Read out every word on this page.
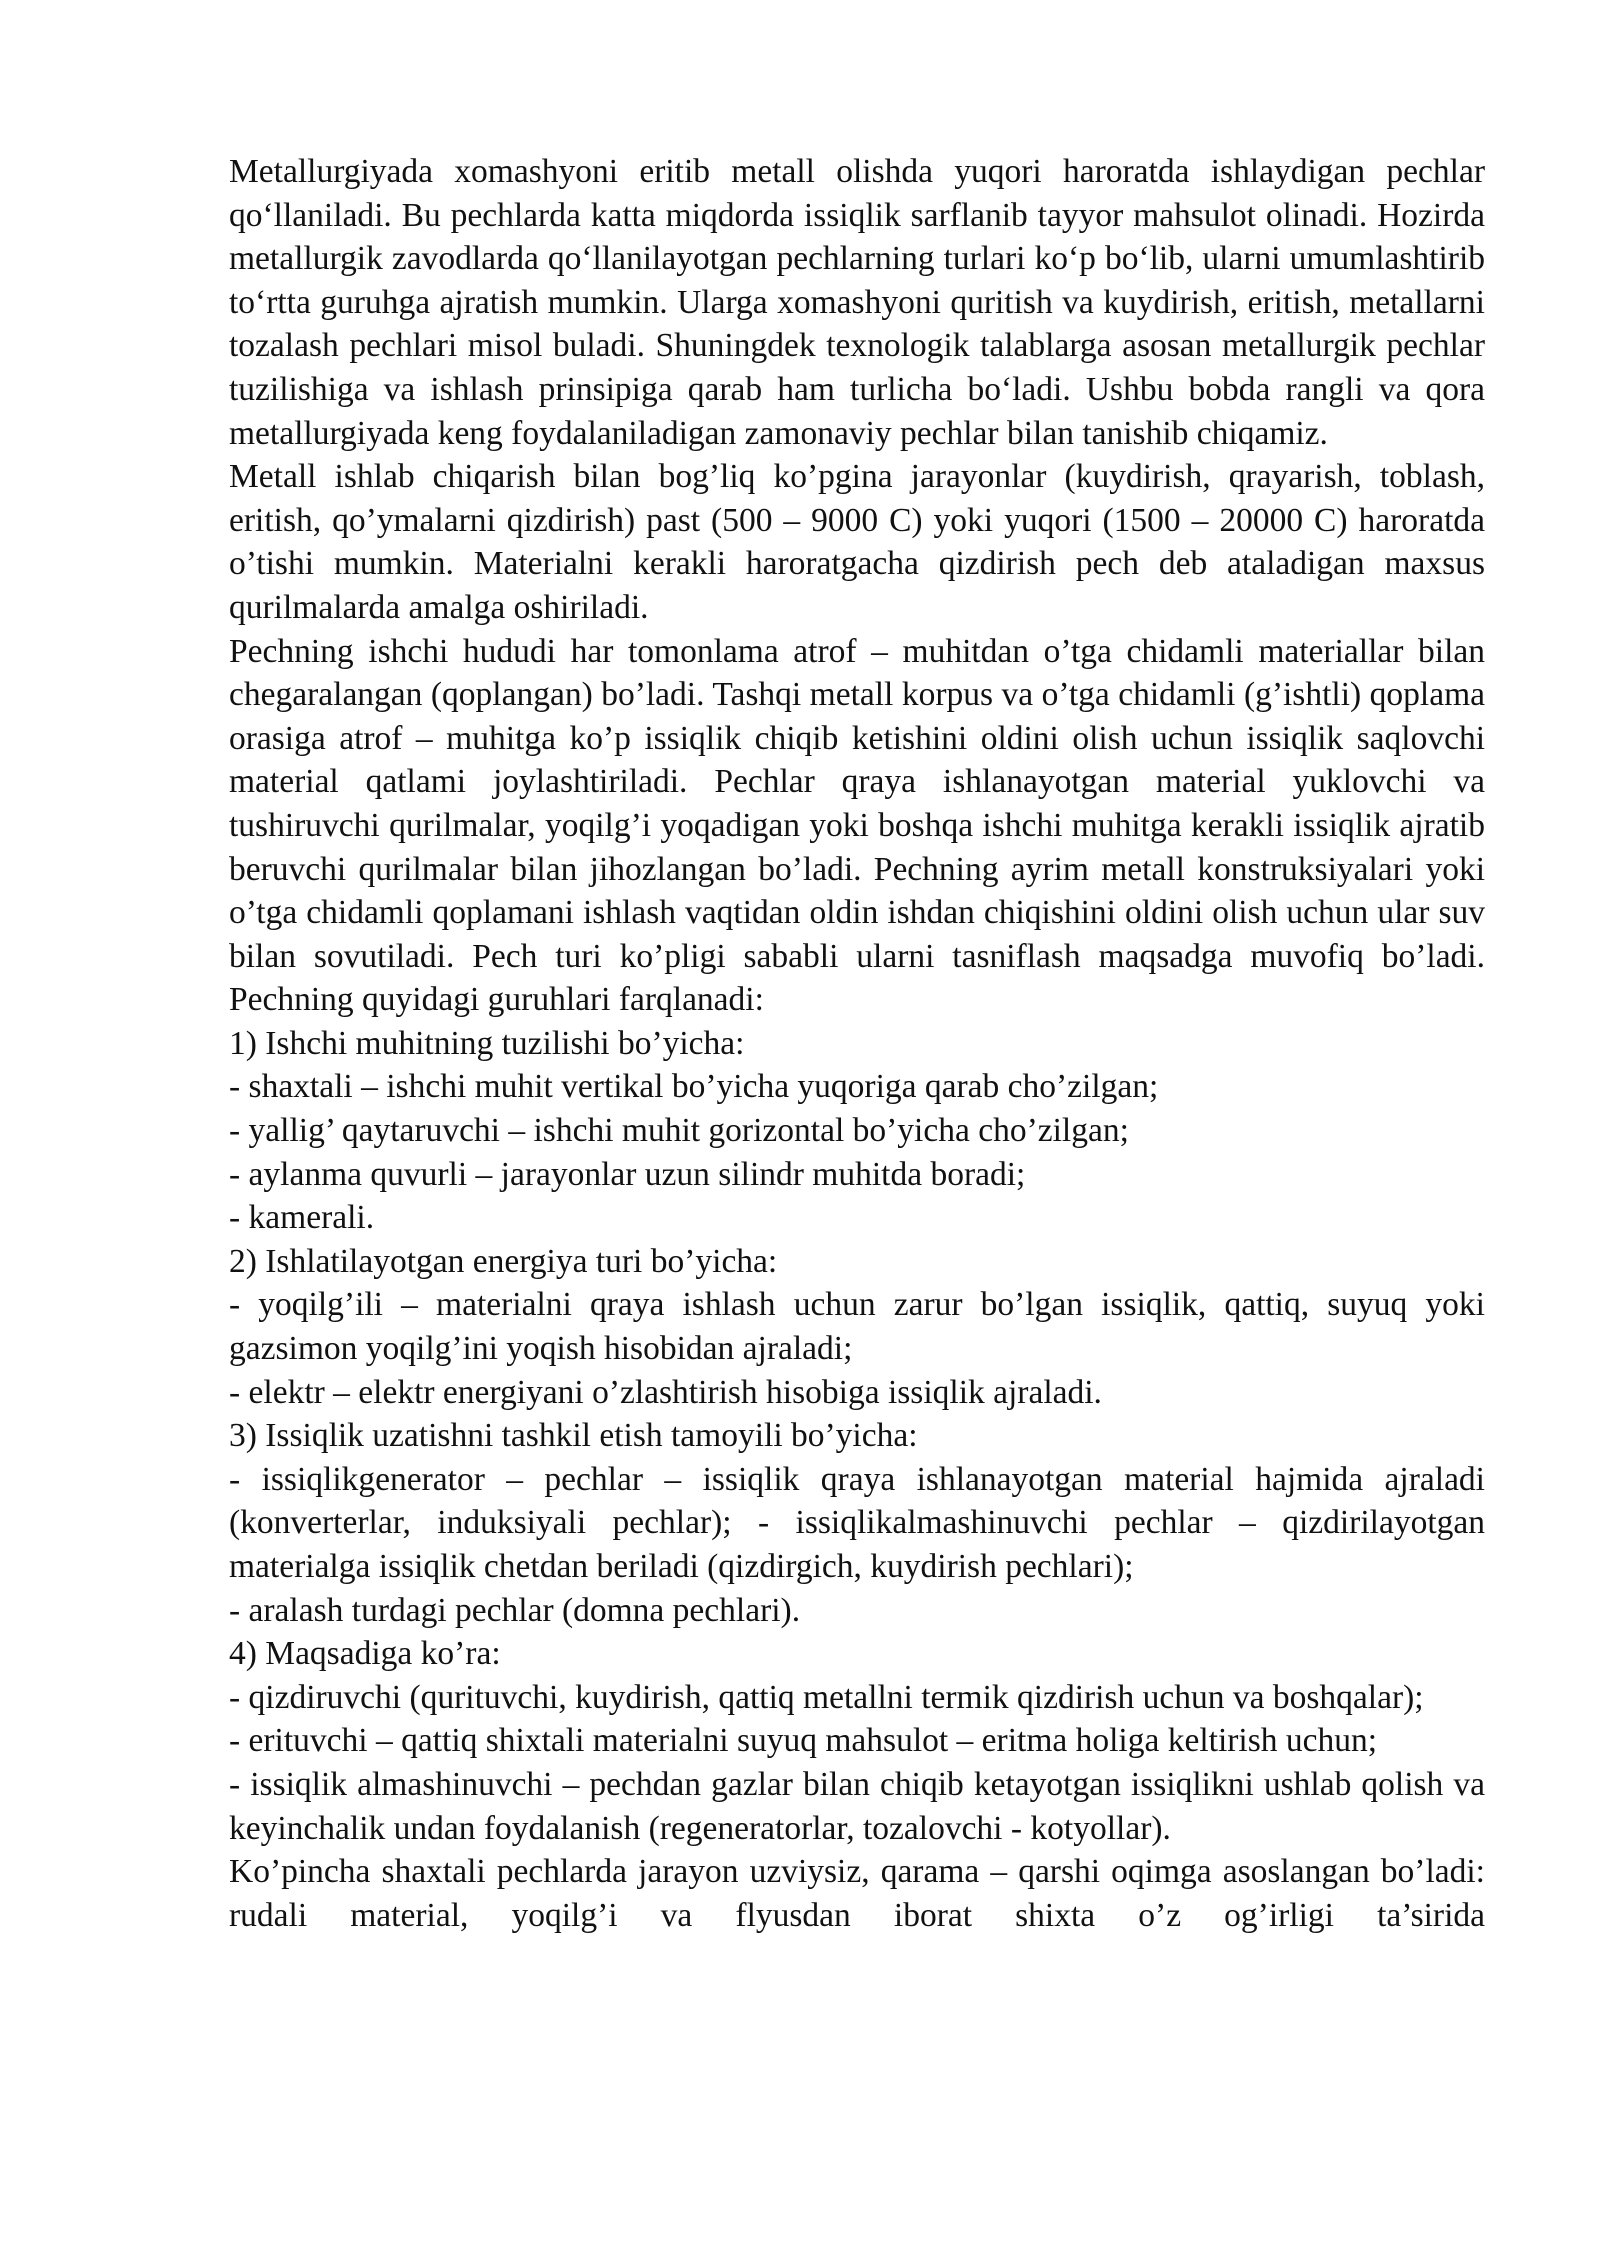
Metallurgiyada xomashyoni eritib metall olishda yuqori haroratda ishlaydigan pechlar qo‘llaniladi. Bu pechlarda katta miqdorda issiqlik sarflanib tayyor mahsulot olinadi. Hozirda metallurgik zavodlarda qo‘llanilayotgan pechlarning turlari ko‘p bo‘lib, ularni umumlashtirib to‘rtta guruhga ajratish mumkin. Ularga xomashyoni quritish va kuydirish, eritish, metallarni tozalash pechlari misol buladi. Shuningdek texnologik talablarga asosan metallurgik pechlar tuzilishiga va ishlash prinsipiga qarab ham turlicha bo‘ladi. Ushbu bobda rangli va qora metallurgiyada keng foydalaniladigan zamonaviy pechlar bilan tanishib chiqamiz.

Metall ishlab chiqarish bilan bog’liq ko’pgina jarayonlar (kuydirish, qrayarish, toblash, eritish, qo’ymalarni qizdirish) past (500 – 9000 C) yoki yuqori (1500 – 20000 C) haroratda o’tishi mumkin. Materialni kerakli haroratgacha qizdirish pech deb ataladigan maxsus qurilmalarda amalga oshiriladi.

Pechning ishchi hududi har tomonlama atrof – muhitdan o’tga chidamli materiallar bilan chegaralangan (qoplangan) bo’ladi. Tashqi metall korpus va o’tga chidamli (g’ishtli) qoplama orasiga atrof – muhitga ko’p issiqlik chiqib ketishini oldini olish uchun issiqlik saqlovchi material qatlami joylashtiriladi. Pechlar qraya ishlanayotgan material yuklovchi va tushiruvchi qurilmalar, yoqilg’i yoqadigan yoki boshqa ishchi muhitga kerakli issiqlik ajratib beruvchi qurilmalar bilan jihozlangan bo’ladi. Pechning ayrim metall konstruksiyalari yoki o’tga chidamli qoplamani ishlash vaqtidan oldin ishdan chiqishini oldini olish uchun ular suv bilan sovutiladi. Pech turi ko’pligi sababli ularni tasniflash maqsadga muvofiq bo’ladi. Pechning quyidagi guruhlari farqlanadi:

1) Ishchi muhitning tuzilishi bo’yicha:

- shaxtali – ishchi muhit vertikal bo’yicha yuqoriga qarab cho’zilgan;

- yallig’ qaytaruvchi – ishchi muhit gorizontal bo’yicha cho’zilgan;

- aylanma quvurli – jarayonlar uzun silindr muhitda boradi;

- kamerali.

2) Ishlatilayotgan energiya turi bo’yicha:

- yoqilg’ili – materialni qraya ishlash uchun zarur bo’lgan issiqlik, qattiq, suyuq yoki gazsimon yoqilg’ini yoqish hisobidan ajraladi;

- elektr – elektr energiyani o’zlashtirish hisobiga issiqlik ajraladi.

3) Issiqlik uzatishni tashkil etish tamoyili bo’yicha:

- issiqlikgenerator – pechlar – issiqlik qraya ishlanayotgan material hajmida ajraladi (konverterlar, induksiyali pechlar); - issiqlikalmashinuvchi pechlar – qizdirilayotgan materialga issiqlik chetdan beriladi (qizdirgich, kuydirish pechlari);

- aralash turdagi pechlar (domna pechlari).

4) Maqsadiga ko’ra:

- qizdiruvchi (qurituvchi, kuydirish, qattiq metallni termik qizdirish uchun va boshqalar);

- erituvchi – qattiq shixtali materialni suyuq mahsulot – eritma holiga keltirish uchun;

- issiqlik almashinuvchi – pechdan gazlar bilan chiqib ketayotgan issiqlikni ushlab qolish va keyinchalik undan foydalanish (regeneratorlar, tozalovchi - kotyollar).

Ko’pincha shaxtali pechlarda jarayon uzviysiz, qarama – qarshi oqimga asoslangan bo’ladi: rudali material, yoqilg’i va flyusdan iborat shixta o’z og’irligi ta’sirida
